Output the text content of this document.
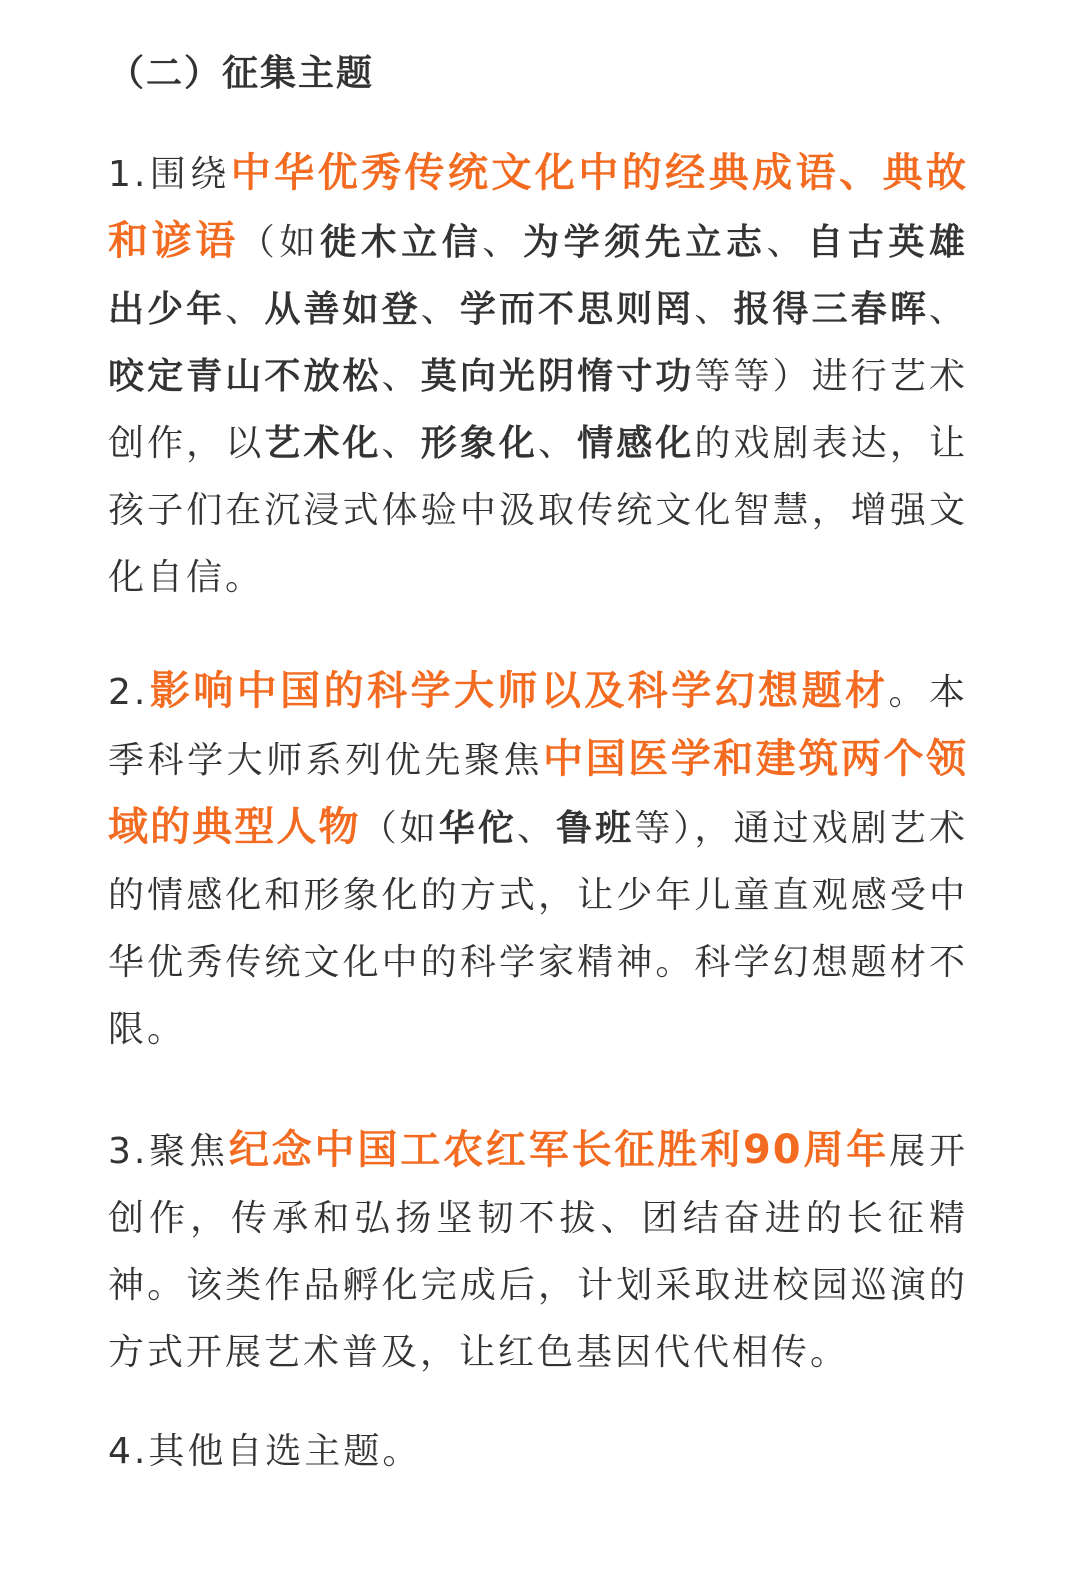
（二）征集主题

1.围绕中华优秀传统文化中的经典成语、典故和谚语（如徙木立信、为学须先立志、自古英雄出少年、从善如登、学而不思则罔、报得三春晖、咬定青山不放松、莫向光阴惰寸功等等）进行艺术创作，以艺术化、形象化、情感化的戏剧表达，让孩子们在沉浸式体验中汲取传统文化智慧，增强文化自信。

2.影响中国的科学大师以及科学幻想题材。本季科学大师系列优先聚焦中国医学和建筑两个领域的典型人物（如华佗、鲁班等），通过戏剧艺术的情感化和形象化的方式，让少年儿童直观感受中华优秀传统文化中的科学家精神。科学幻想题材不限。

3.聚焦纪念中国工农红军长征胜利90周年展开创作，传承和弘扬坚韧不拔、团结奋进的长征精神。该类作品孵化完成后，计划采取进校园巡演的方式开展艺术普及，让红色基因代代相传。

4.其他自选主题。
